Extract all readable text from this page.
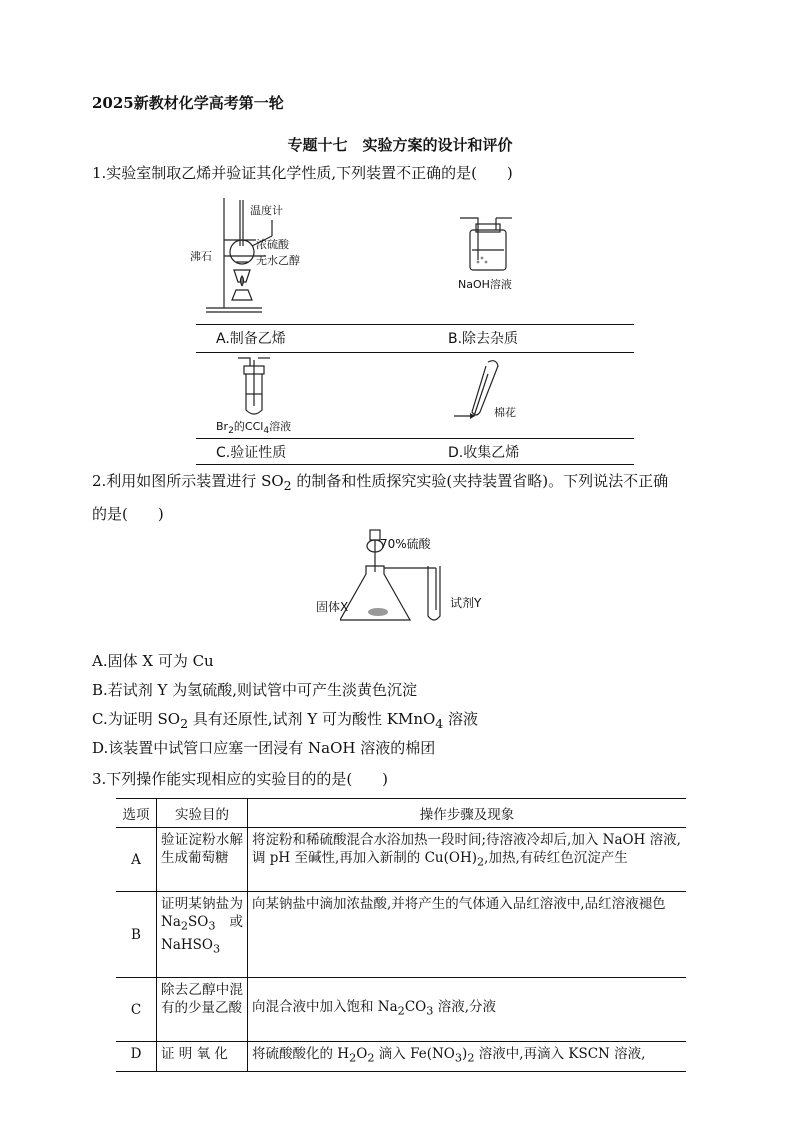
2025新教材化学高考第一轮
专题十七　实验方案的设计和评价
1.实验室制取乙烯并验证其化学性质,下列装置不正确的是(　　)
温度计
浓硫酸
无水乙醇
沸石
NaOH溶液
A.制备乙烯	B.除去杂质
$Br_2$的CCl$_4$溶液
棉花
C.验证性质	D.收集乙烯
2.利用如图所示装置进行 $SO_2$ 的制备和性质探究实验(夹持装置省略)。下列说法不正确
的是(　　)
70%硫酸
固体X	试剂Y
A.固体 X 可为 Cu
B.若试剂 Y 为氢硫酸,则试管中可产生淡黄色沉淀
C.为证明 $SO_2$ 具有还原性,试剂 Y 可为酸性 KMnO$_4$ 溶液
D.该装置中试管口应塞一团浸有 NaOH 溶液的棉团
3.下列操作能实现相应的实验目的的是(　　)
选项	实验目的	操作步骤及现象
A	验证淀粉水解生成葡萄糖	将淀粉和稀硫酸混合水浴加热一段时间;待溶液冷却后,加入 NaOH 溶液,调 pH 至碱性,再加入新制的 $Cu(OH)_2$,加热,有砖红色沉淀产生
B	证明某钠盐为 $Na_2SO_3$ 或 NaHSO$_3$	向某钠盐中滴加浓盐酸,并将产生的气体通入品红溶液中,品红溶液褪色
C	除去乙醇中混有的少量乙酸	向混合液中加入饱和 $Na_2CO_3$ 溶液,分液
D	证 明 氧 化	将硫酸酸化的 $H_2O_2$ 滴入 $Fe(NO_3)_2$ 溶液中,再滴入 KSCN 溶液,
